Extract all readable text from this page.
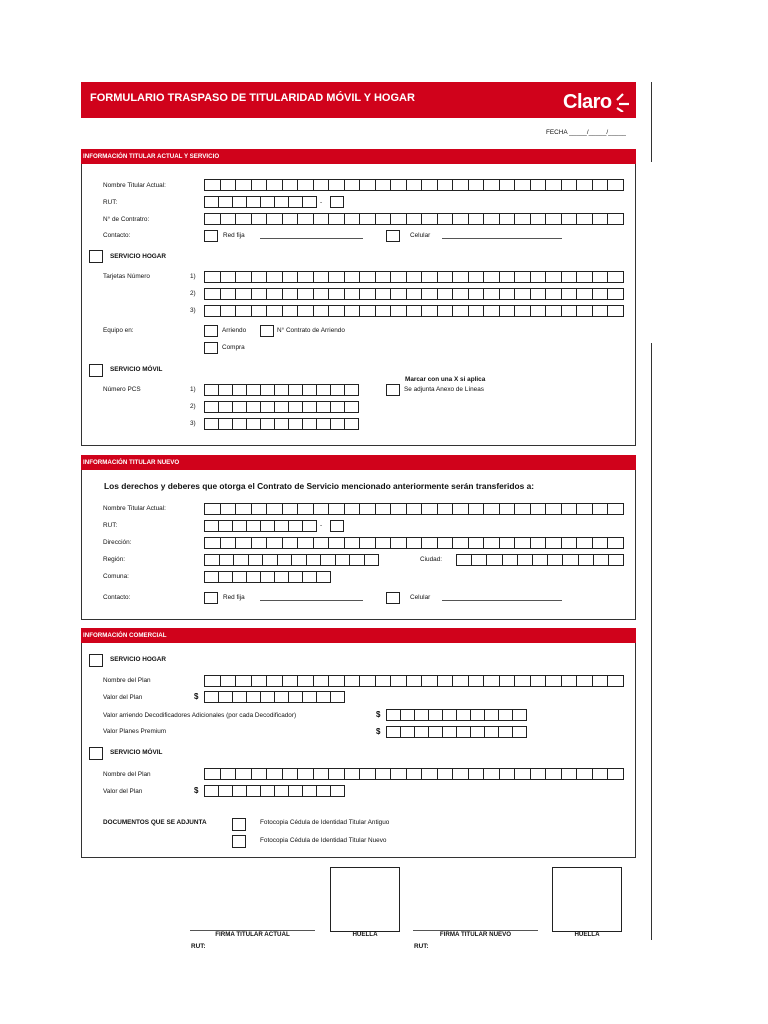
FORMULARIO TRASPASO DE TITULARIDAD MÓVIL Y HOGAR	Claro
FECHA _____/_____/_____
INFORMACIÓN TITULAR ACTUAL Y SERVICIO
Nombre Titular Actual:
RUT:	-
N° de Contratro:
Contacto:	Red fija	Celular
SERVICIO HOGAR
Tarjetas Número	1)
2)
3)
Equipo en:	Arriendo	N° Contrato de Arriendo
Compra
SERVICIO MÓVIL
Marcar con una X si aplica
Se adjunta Anexo de Líneas
Número PCS	1)
2)
3)
INFORMACIÓN TITULAR NUEVO
Los derechos y deberes que otorga el Contrato de Servicio mencionado anteriormente serán transferidos a:
Nombre Titular Actual:
RUT:	-
Dirección:
Región:	Ciudad:
Comuna:
Contacto:	Red fija	Celular
INFORMACIÓN COMERCIAL
SERVICIO HOGAR
Nombre del Plan
Valor del Plan	$
Valor arriendo Decodificadores Adicionales (por cada Decodificador)	$
Valor Planes Premium	$
SERVICIO MÓVIL
Nombre del Plan
Valor del Plan	$
DOCUMENTOS QUE SE ADJUNTA	Fotocopia Cédula de Identidad Titular Antiguo
Fotocopia Cédula de Identidad Titular Nuevo
FIRMA TITULAR ACTUAL	HUELLA	FIRMA TITULAR NUEVO	HUELLA
RUT:	RUT:
